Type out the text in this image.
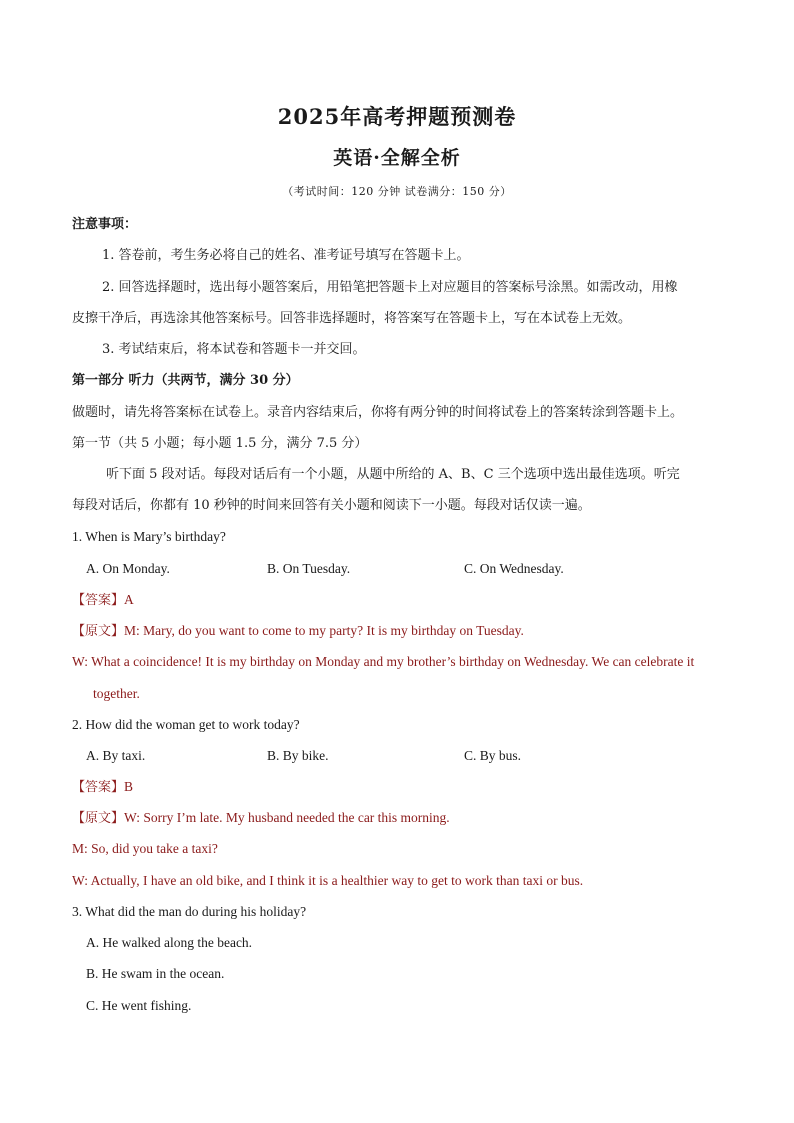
2025年高考押题预测卷
英语·全解全析
（考试时间：120 分钟 试卷满分：150 分）
注意事项：
1. 答卷前，考生务必将自己的姓名、准考证号填写在答题卡上。
2. 回答选择题时，选出每小题答案后，用铅笔把答题卡上对应题目的答案标号涂黑。如需改动，用橡
皮擦干净后，再选涂其他答案标号。回答非选择题时，将答案写在答题卡上，写在本试卷上无效。
3. 考试结束后，将本试卷和答题卡一并交回。
第一部分 听力（共两节，满分 30 分）
做题时，请先将答案标在试卷上。录音内容结束后，你将有两分钟的时间将试卷上的答案转涂到答题卡上。
第一节（共 5 小题；每小题 1.5 分，满分 7.5 分）
听下面 5 段对话。每段对话后有一个小题，从题中所给的 A、B、C 三个选项中选出最佳选项。听完
每段对话后，你都有 10 秒钟的时间来回答有关小题和阅读下一小题。每段对话仅读一遍。
1. When is Mary’s birthday?
A. On Monday.	B. On Tuesday.	C. On Wednesday.
【答案】A
【原文】M: Mary, do you want to come to my party? It is my birthday on Tuesday.
W: What a coincidence! It is my birthday on Monday and my brother’s birthday on Wednesday. We can celebrate it
together.
2. How did the woman get to work today?
A. By taxi.	B. By bike.	C. By bus.
【答案】B
【原文】W: Sorry I’m late. My husband needed the car this morning.
M: So, did you take a taxi?
W: Actually, I have an old bike, and I think it is a healthier way to get to work than taxi or bus.
3. What did the man do during his holiday?
A. He walked along the beach.
B. He swam in the ocean.
C. He went fishing.
